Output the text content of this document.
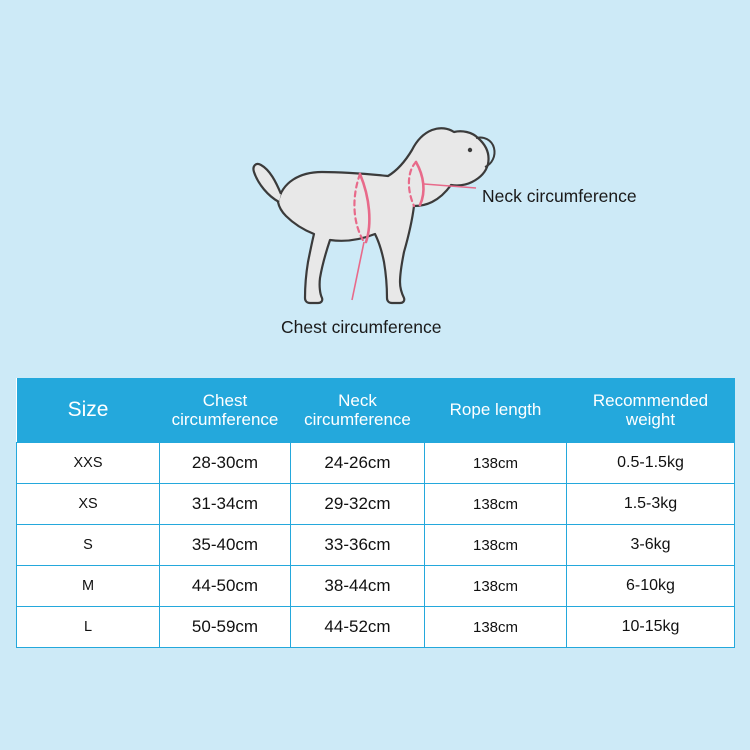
Neck circumference
Chest circumference
Size	Chest circumference	Neck circumference	Rope length	Recommended weight
XXS	28-30cm	24-26cm	138cm	0.5-1.5kg
XS	31-34cm	29-32cm	138cm	1.5-3kg
S	35-40cm	33-36cm	138cm	3-6kg
M	44-50cm	38-44cm	138cm	6-10kg
L	50-59cm	44-52cm	138cm	10-15kg
